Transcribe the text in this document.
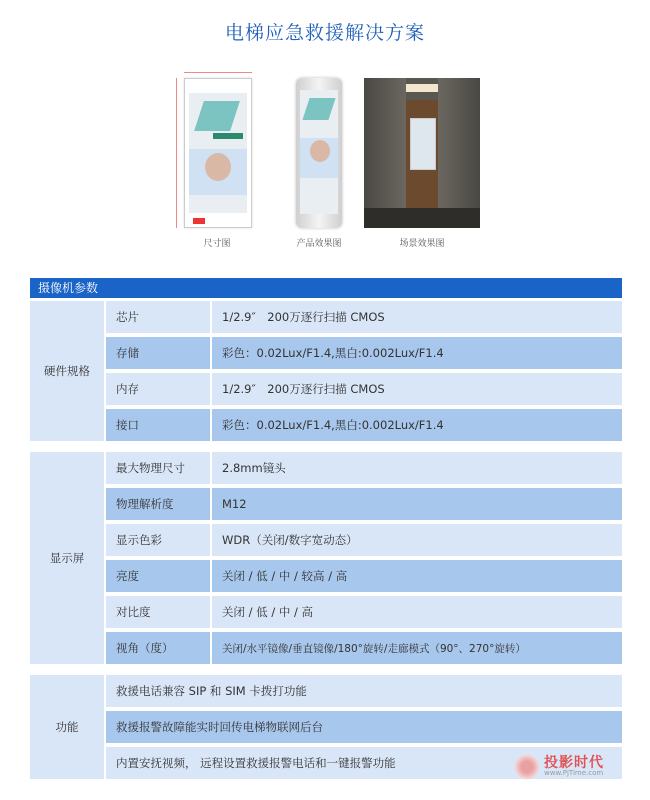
电梯应急救援解决方案
尺寸图	产品效果图	场景效果图
摄像机参数
硬件规格
芯片	1/2.9″　200万逐行扫描 CMOS
存储	彩色：0.02Lux/F1.4,黑白:0.002Lux/F1.4
内存	1/2.9″　200万逐行扫描 CMOS
接口	彩色：0.02Lux/F1.4,黑白:0.002Lux/F1.4
显示屏
最大物理尺寸	2.8mm镜头
物理解析度	M12
显示色彩	WDR（关闭/数字宽动态）
亮度	关闭 / 低 / 中 / 较高 / 高
对比度	关闭 / 低 / 中 / 高
视角（度）	关闭/水平镜像/垂直镜像/180°旋转/走廊模式（90°、270°旋转）
功能
救援电话兼容 SIP 和 SIM 卡拨打功能
救援报警故障能实时回传电梯物联网后台
内置安抚视频， 远程设置救援报警电话和一键报警功能	投影时代
www.PjTime.com
